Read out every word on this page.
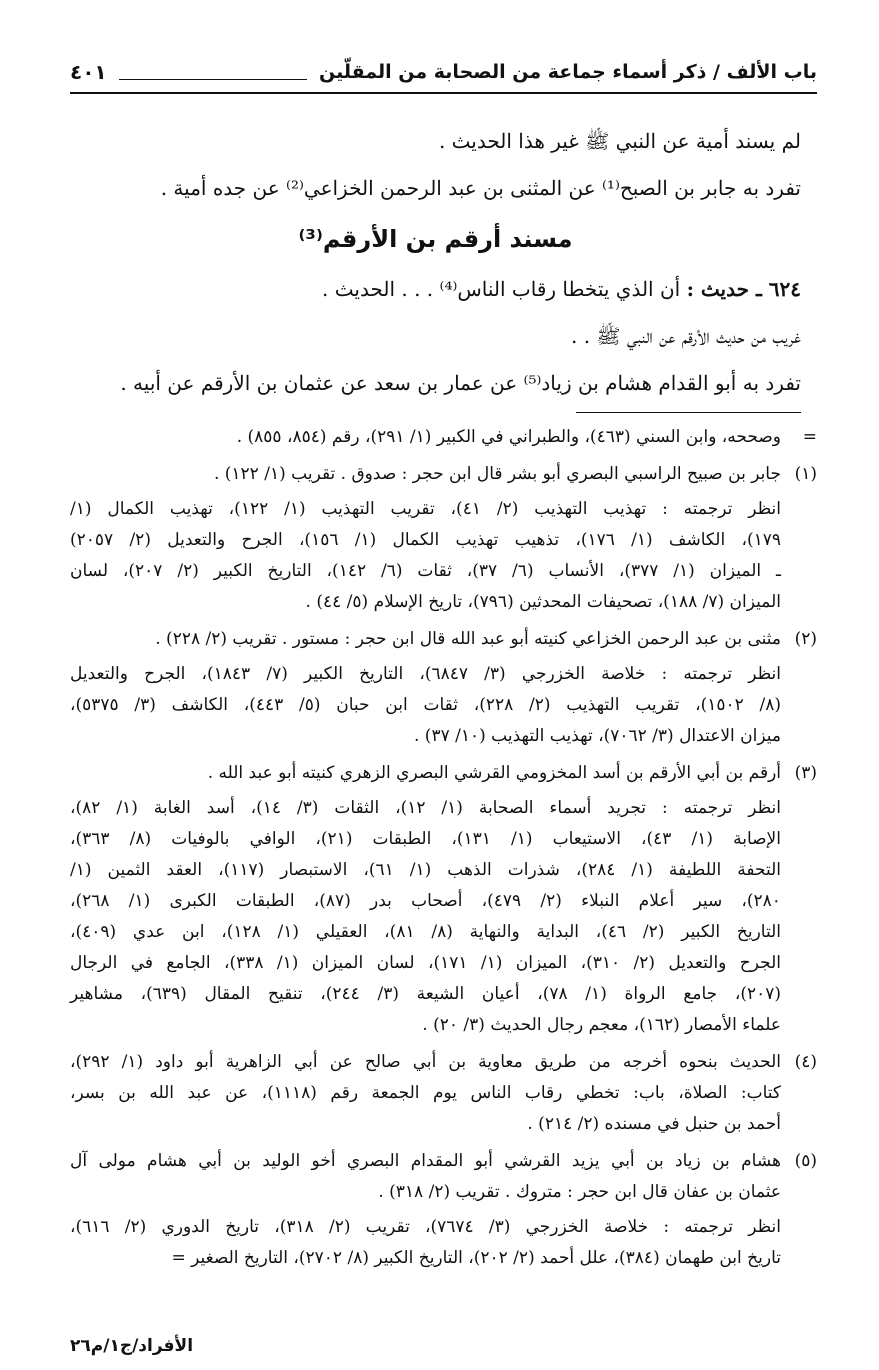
باب الألف / ذكر أسماء جماعة من الصحابة من المقلّين
٤٠١
لم يسند أمية عن النبي ﷺ غير هذا الحديث .
تفرد به جابر بن الصبح⁽¹⁾ عن المثنى بن عبد الرحمن الخزاعي⁽²⁾ عن جده أمية .
مسند أرقم بن الأرقم⁽³⁾
٦٢٤ ـ حديث : أن الذي يتخطا رقاب الناس⁽⁴⁾ . . . الحديث .
غريب من حديث الأرقم عن النبي ﷺ . .
تفرد به أبو القدام هشام بن زياد⁽⁵⁾ عن عمار بن سعد عن عثمان بن الأرقم عن أبيه .
=
وصححه، وابن السني (٤٦٣)، والطبراني في الكبير (١/ ٢٩١)، رقم (٨٥٤، ٨٥٥) .
(١)
جابر بن صبيح الراسبي البصري أبو بشر قال ابن حجر : صدوق . تقريب (١/ ١٢٢) .
انظر ترجمته : تهذيب التهذيب (٢/ ٤١)، تقريب التهذيب (١/ ١٢٢)، تهذيب الكمال (١/
١٧٩)، الكاشف (١/ ١٧٦)، تذهيب تهذيب الكمال (١/ ١٥٦)، الجرح والتعديل (٢/ ٢٠٥٧)
ـ الميزان (١/ ٣٧٧)، الأنساب (٦/ ٣٧)، ثقات (٦/ ١٤٢)، التاريخ الكبير (٢/ ٢٠٧)، لسان
الميزان (٧/ ١٨٨)، تصحيفات المحدثين (٧٩٦)، تاريخ الإسلام (٥/ ٤٤) .
(٢)
مثنى بن عبد الرحمن الخزاعي كنيته أبو عبد الله قال ابن حجر : مستور . تقريب (٢/ ٢٢٨) .
انظر ترجمته : خلاصة الخزرجي (٣/ ٦٨٤٧)، التاريخ الكبير (٧/ ١٨٤٣)، الجرح والتعديل
(٨/ ١٥٠٢)، تقريب التهذيب (٢/ ٢٢٨)، ثقات ابن حبان (٥/ ٤٤٣)، الكاشف (٣/ ٥٣٧٥)،
ميزان الاعتدال (٣/ ٧٠٦٢)، تهذيب التهذيب (١٠/ ٣٧) .
(٣)
أرقم بن أبي الأرقم بن أسد المخزومي القرشي البصري الزهري كنيته أبو عبد الله .
انظر ترجمته : تجريد أسماء الصحابة (١/ ١٢)، الثقات (٣/ ١٤)، أسد الغابة (١/ ٨٢)،
الإصابة (١/ ٤٣)، الاستيعاب (١/ ١٣١)، الطبقات (٢١)، الوافي بالوفيات (٨/ ٣٦٣)،
التحفة اللطيفة (١/ ٢٨٤)، شذرات الذهب (١/ ٦١)، الاستبصار (١١٧)، العقد الثمين (١/
٢٨٠)، سير أعلام النبلاء (٢/ ٤٧٩)، أصحاب بدر (٨٧)، الطبقات الكبرى (١/ ٢٦٨)،
التاريخ الكبير (٢/ ٤٦)، البداية والنهاية (٨/ ٨١)، العقيلي (١/ ١٢٨)، ابن عدي (٤٠٩)،
الجرح والتعديل (٢/ ٣١٠)، الميزان (١/ ١٧١)، لسان الميزان (١/ ٣٣٨)، الجامع في الرجال
(٢٠٧)، جامع الرواة (١/ ٧٨)، أعيان الشيعة (٣/ ٢٤٤)، تنقيح المقال (٦٣٩)، مشاهير
علماء الأمصار (١٦٢)، معجم رجال الحديث (٣/ ٢٠) .
(٤)
الحديث بنحوه أخرجه من طريق معاوية بن أبي صالح عن أبي الزاهرية أبو داود (١/ ٢٩٢)،
كتاب: الصلاة، باب: تخطي رقاب الناس يوم الجمعة رقم (١١١٨)، عن عبد الله بن بسر،
أحمد بن حنبل في مسنده (٢/ ٢١٤) .
(٥)
هشام بن زياد بن أبي يزيد القرشي أبو المقدام البصري أخو الوليد بن أبي هشام مولى آل
عثمان بن عفان قال ابن حجر : متروك . تقريب (٢/ ٣١٨) .
انظر ترجمته : خلاصة الخزرجي (٣/ ٧٦٧٤)، تقريب (٢/ ٣١٨)، تاريخ الدوري (٢/ ٦١٦)،
تاريخ ابن طهمان (٣٨٤)، علل أحمد (٢/ ٢٠٢)، التاريخ الكبير (٨/ ٢٧٠٢)، التاريخ الصغير =
الأفراد/ج١/م٢٦
